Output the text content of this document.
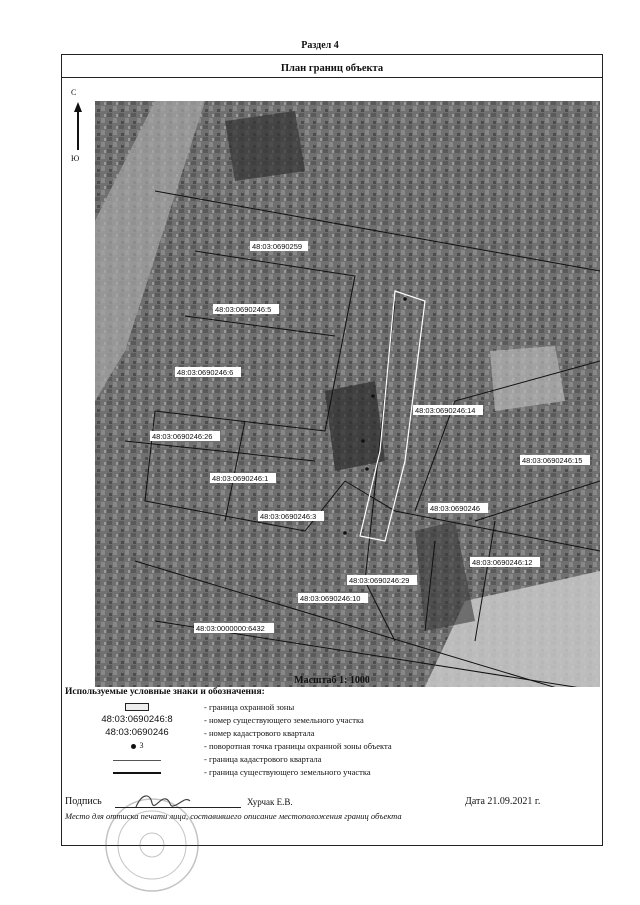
Раздел 4
План границ объекта
С
Ю
48:03:0690259
48:03:0690246:5
48:03:0690246:6
48:03:0690246:26
48:03:0690246:1
48:03:0690246:3
48:03:0690246:14
48:03:0690246:15
48:03:0690246
48:03:0690246:12
48:03:0690246:29
48:03:0690246:10
48:03:0000000:6432
Масштаб 1: 1000
Используемые условные знаки и обозначения:
- граница охранной зоны
48:03:0690246:8	- номер существующего земельного участка
48:03:0690246	- номер кадастрового квартала
3	- поворотная точка границы охранной зоны объекта
- граница кадастрового квартала
- граница существующего земельного участка
Подпись	Хурчак Е.В.	Дата 21.09.2021 г.
Место для оттиска печати лица, составившего описание местоположения границ объекта
